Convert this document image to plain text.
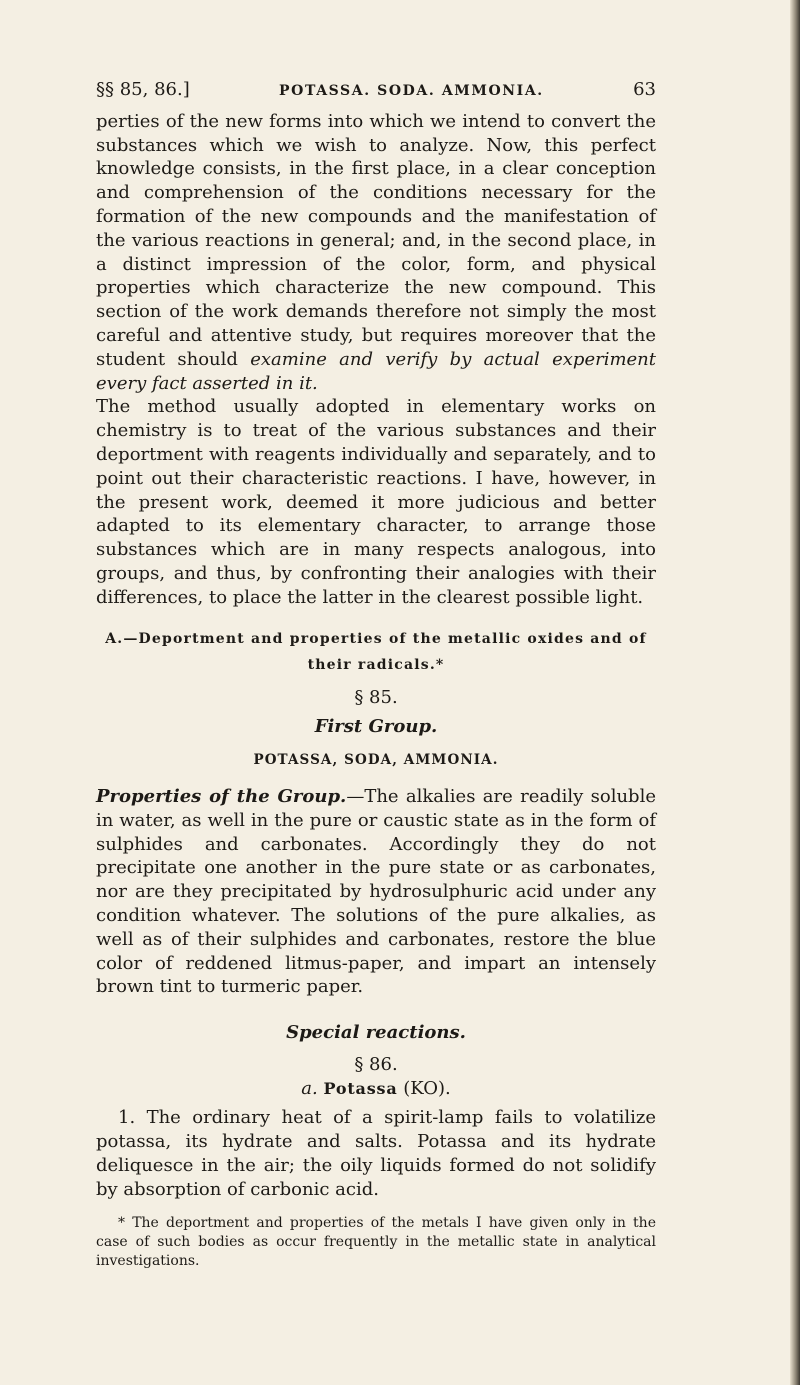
§§ 85, 86.]	POTASSA. SODA. AMMONIA.	63

perties of the new forms into which we intend to convert the substances which we wish to analyze. Now, this perfect knowledge consists, in the first place, in a clear conception and comprehension of the conditions necessary for the formation of the new compounds and the manifestation of the various reactions in general; and, in the second place, in a distinct impression of the color, form, and physical properties which characterize the new compound. This section of the work demands therefore not simply the most careful and attentive study, but requires moreover that the student should examine and verify by actual experiment every fact asserted in it.

The method usually adopted in elementary works on chemistry is to treat of the various substances and their deportment with reagents individually and separately, and to point out their characteristic reactions. I have, however, in the present work, deemed it more judicious and better adapted to its elementary character, to arrange those substances which are in many respects analogous, into groups, and thus, by confronting their analogies with their differences, to place the latter in the clearest possible light.

A.—Deportment and properties of the metallic oxides and of their radicals.*
§ 85.
First Group.
POTASSA, SODA, AMMONIA.

Properties of the Group.—The alkalies are readily soluble in water, as well in the pure or caustic state as in the form of sulphides and carbonates. Accordingly they do not precipitate one another in the pure state or as carbonates, nor are they precipitated by hydrosulphuric acid under any condition whatever. The solutions of the pure alkalies, as well as of their sulphides and carbonates, restore the blue color of reddened litmus-paper, and impart an intensely brown tint to turmeric paper.

Special reactions.
§ 86.
a. Potassa (KO).

1. The ordinary heat of a spirit-lamp fails to volatilize potassa, its hydrate and salts. Potassa and its hydrate deliquesce in the air; the oily liquids formed do not solidify by absorption of carbonic acid.

* The deportment and properties of the metals I have given only in the case of such bodies as occur frequently in the metallic state in analytical investigations.
